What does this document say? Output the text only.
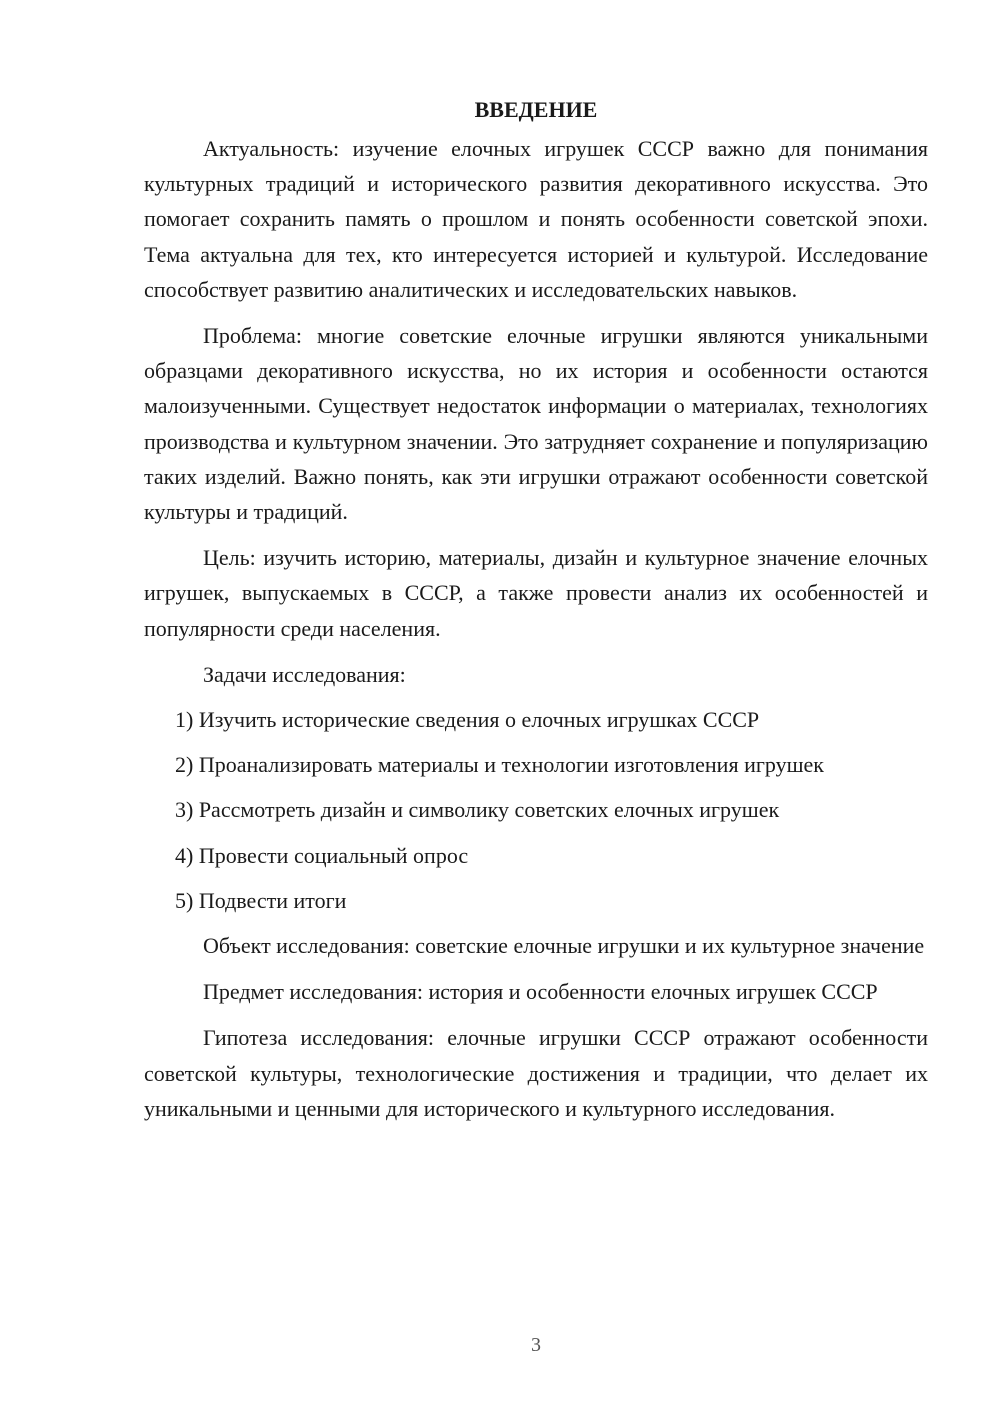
ВВЕДЕНИЕ

Актуальность: изучение елочных игрушек СССР важно для понимания культурных традиций и исторического развития декоративного искусства. Это помогает сохранить память о прошлом и понять особенности советской эпохи. Тема актуальна для тех, кто интересуется историей и культурой. Исследование способствует развитию аналитических и исследовательских навыков.

Проблема: многие советские елочные игрушки являются уникальными образцами декоративного искусства, но их история и особенности остаются малоизученными. Существует недостаток информации о материалах, технологиях производства и культурном значении. Это затрудняет сохранение и популяризацию таких изделий. Важно понять, как эти игрушки отражают особенности советской культуры и традиций.

Цель: изучить историю, материалы, дизайн и культурное значение елочных игрушек, выпускаемых в СССР, а также провести анализ их особенностей и популярности среди населения.

Задачи исследования:

1) Изучить исторические сведения о елочных игрушках СССР
2) Проанализировать материалы и технологии изготовления игрушек
3) Рассмотреть дизайн и символику советских елочных игрушек
4) Провести социальный опрос
5) Подвести итоги

Объект исследования: советские елочные игрушки и их культурное значение

Предмет исследования: история и особенности елочных игрушек СССР

Гипотеза исследования: елочные игрушки СССР отражают особенности советской культуры, технологические достижения и традиции, что делает их уникальными и ценными для исторического и культурного исследования.

3
